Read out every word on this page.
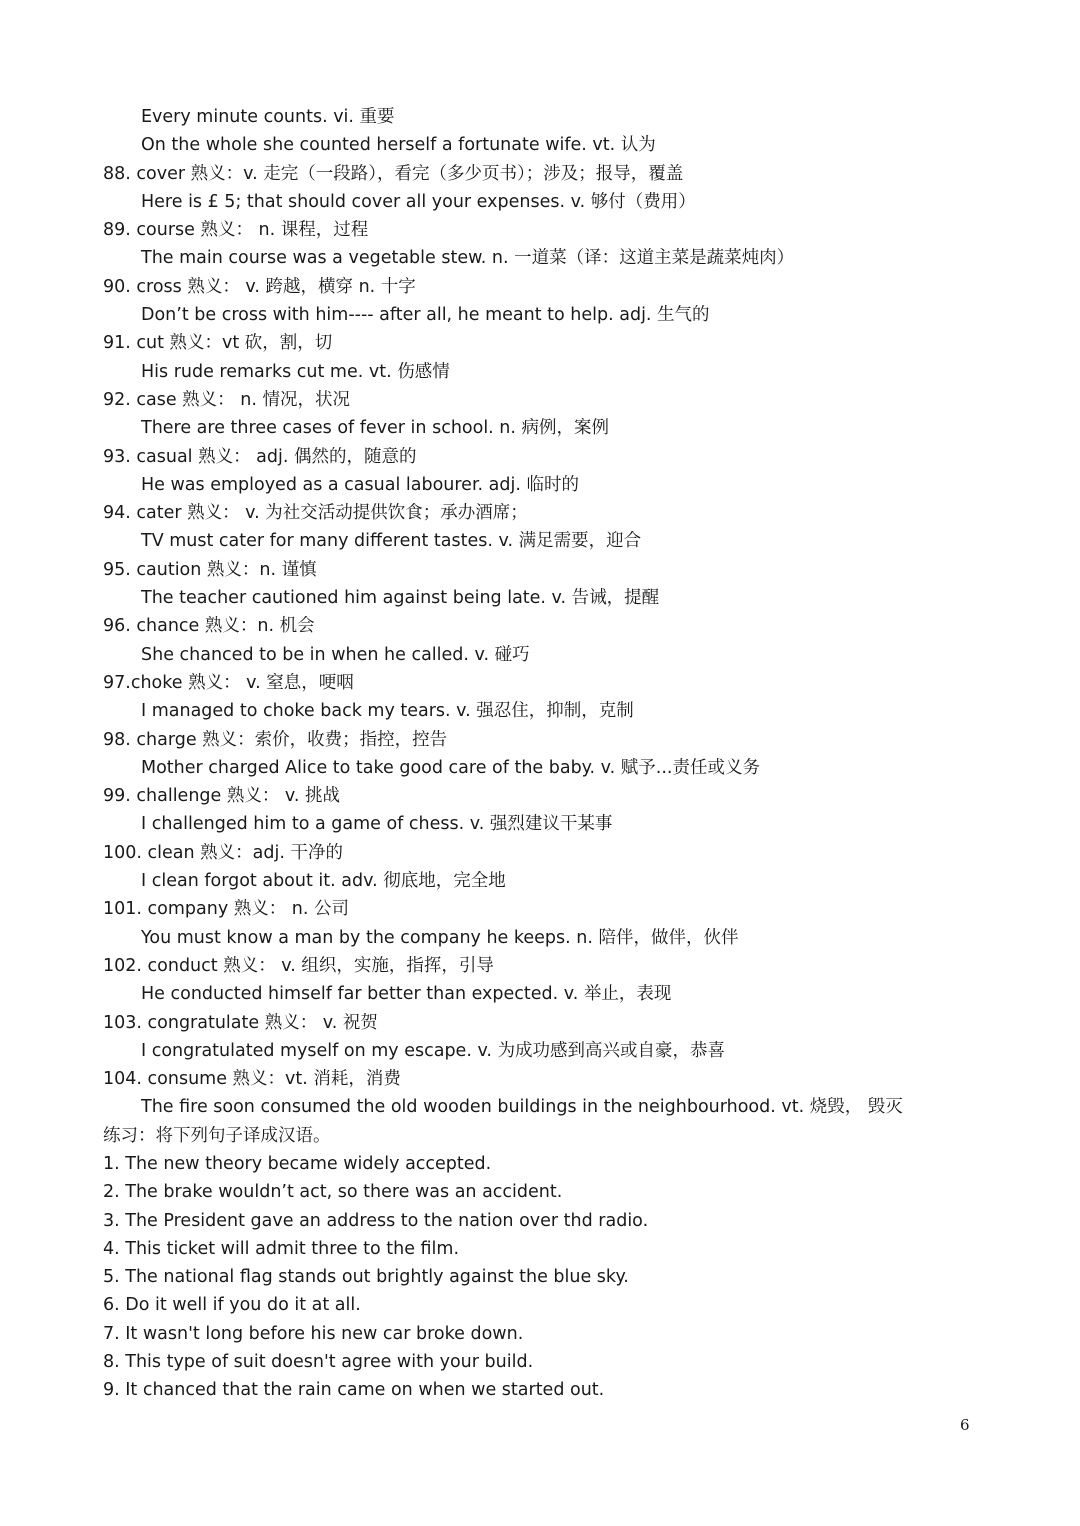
Every minute counts. vi. 重要
On the whole she counted herself a fortunate wife. vt. 认为
88. cover 熟义：v. 走完（一段路），看完（多少页书）；涉及；报导，覆盖
Here is £ 5; that should cover all your expenses. v. 够付（费用）
89. course 熟义： n. 课程，过程
The main course was a vegetable stew. n. 一道菜（译：这道主菜是蔬菜炖肉）
90. cross 熟义： v. 跨越，横穿 n. 十字
Don’t be cross with him---- after all, he meant to help. adj. 生气的
91. cut 熟义：vt 砍，割，切
His rude remarks cut me. vt. 伤感情
92. case 熟义： n. 情况，状况
There are three cases of fever in school. n. 病例，案例
93. casual 熟义： adj. 偶然的，随意的
He was employed as a casual labourer. adj. 临时的
94. cater 熟义： v. 为社交活动提供饮食；承办酒席；
TV must cater for many different tastes. v. 满足需要，迎合
95. caution 熟义：n. 谨慎
The teacher cautioned him against being late. v. 告诫，提醒
96. chance 熟义：n. 机会
She chanced to be in when he called. v. 碰巧
97.choke 熟义： v. 窒息，哽咽
I managed to choke back my tears. v. 强忍住，抑制，克制
98. charge 熟义：索价，收费；指控，控告
Mother charged Alice to take good care of the baby. v. 赋予...责任或义务
99. challenge 熟义： v. 挑战
I challenged him to a game of chess. v. 强烈建议干某事
100. clean 熟义：adj. 干净的
I clean forgot about it. adv. 彻底地，完全地
101. company 熟义： n. 公司
You must know a man by the company he keeps. n. 陪伴，做伴，伙伴
102. conduct 熟义： v. 组织，实施，指挥，引导
He conducted himself far better than expected. v. 举止，表现
103. congratulate 熟义： v. 祝贺
I congratulated myself on my escape. v. 为成功感到高兴或自豪，恭喜
104. consume 熟义：vt. 消耗，消费
The fire soon consumed the old wooden buildings in the neighbourhood. vt. 烧毁， 毁灭
练习：将下列句子译成汉语。
1. The new theory became widely accepted.
2. The brake wouldn’t act, so there was an accident.
3. The President gave an address to the nation over thd radio.
4. This ticket will admit three to the film.
5. The national flag stands out brightly against the blue sky.
6. Do it well if you do it at all.
7. It wasn't long before his new car broke down.
8. This type of suit doesn't agree with your build.
9. It chanced that the rain came on when we started out.
6
